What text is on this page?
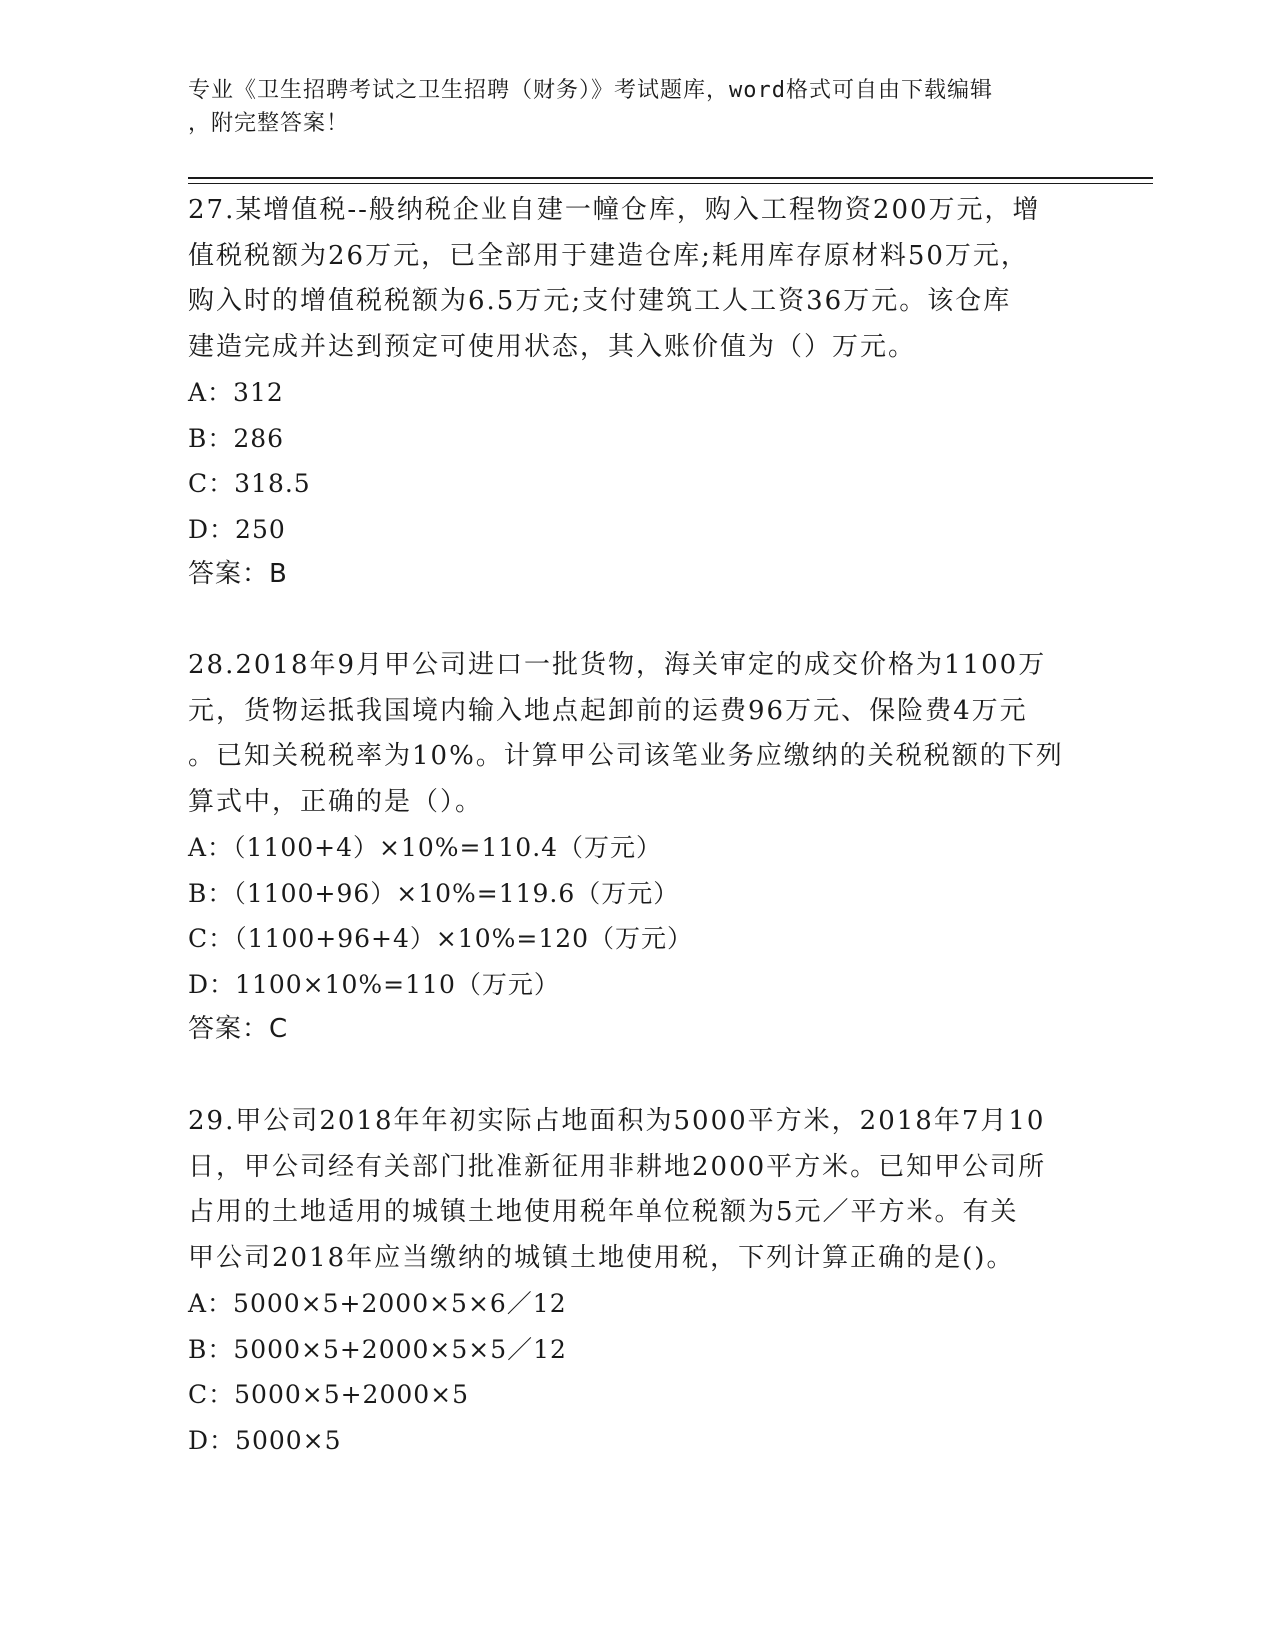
专业《卫生招聘考试之卫生招聘（财务）》考试题库，word格式可自由下载编辑
，附完整答案！
27.某增值税--般纳税企业自建一幢仓库，购入工程物资200万元，增
值税税额为26万元，已全部用于建造仓库;耗用库存原材料50万元，
购入时的增值税税额为6.5万元;支付建筑工人工资36万元。该仓库
建造完成并达到预定可使用状态，其入账价值为（）万元。
A：312
B：286
C：318.5
D：250
答案：B
28.2018年9月甲公司进口一批货物，海关审定的成交价格为1100万
元，货物运抵我国境内输入地点起卸前的运费96万元、保险费4万元
。已知关税税率为10%。计算甲公司该笔业务应缴纳的关税税额的下列
算式中，正确的是（）。
A：（1100+4）×10%=110.4（万元）
B：（1100+96）×10%=119.6（万元）
C：（1100+96+4）×10%=120（万元）
D：1100×10%=110（万元）
答案：C
29.甲公司2018年年初实际占地面积为5000平方米，2018年7月10
日，甲公司经有关部门批准新征用非耕地2000平方米。已知甲公司所
占用的土地适用的城镇土地使用税年单位税额为5元／平方米。有关
甲公司2018年应当缴纳的城镇土地使用税，下列计算正确的是()。
A：5000×5+2000×5×6／12
B：5000×5+2000×5×5／12
C：5000×5+2000×5
D：5000×5
